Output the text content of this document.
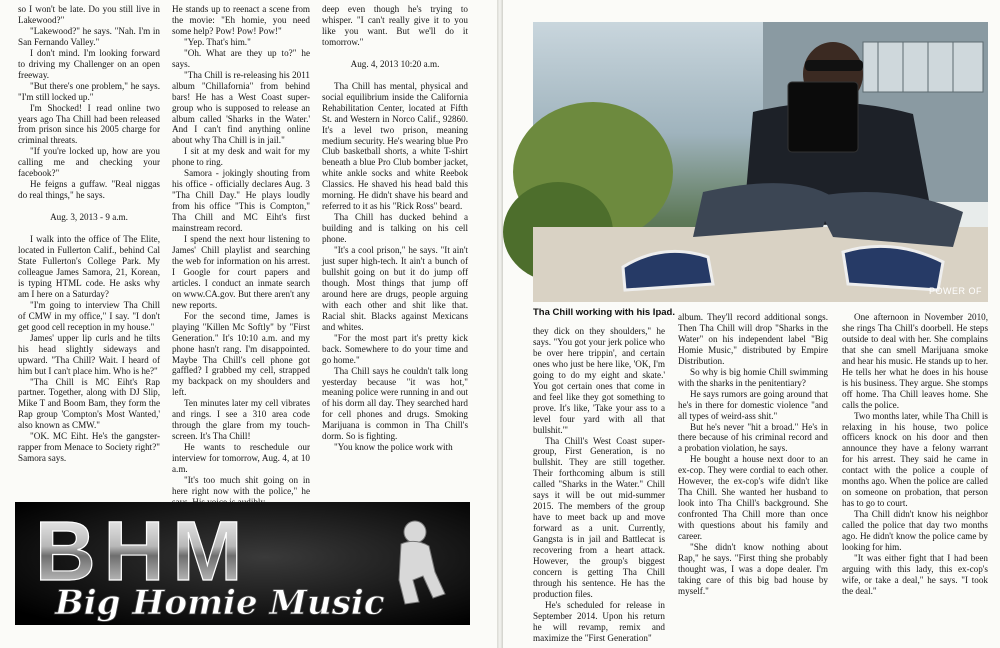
so I won't be late. Do you still live in Lakewood?"

"Lakewood?" he says. "Nah. I'm in San Fernando Valley."

I don't mind. I'm looking forward to driving my Challenger on an open freeway.

"But there's one problem," he says. "I'm still locked up."

I'm Shocked! I read online two years ago Tha Chill had been released from prison since his 2005 charge for criminal threats.

"If you're locked up, how are you calling me and checking your facebook?"

He feigns a guffaw. "Real niggas do real things," he says.

Aug. 3, 2013 - 9 a.m.

I walk into the office of The Elite, located in Fullerton Calif., behind Cal State Fullerton's College Park. My colleague James Samora, 21, Korean, is typing HTML code. He asks why am I here on a Saturday?

"I'm going to interview Tha Chill of CMW in my office," I say. "I don't get good cell reception in my house."

James' upper lip curls and he tilts his head slightly sideways and upward. "Tha Chill? Wait. I heard of him but I can't place him. Who is he?"

"Tha Chill is MC Eiht's Rap partner. Together, along with DJ Slip, Mike T and Boom Bam, they form the Rap group 'Compton's Most Wanted,' also known as CMW."

"OK. MC Eiht. He's the gangster-rapper from Menace to Society right?" Samora says.

He stands up to reenact a scene from the movie: "Eh homie, you need some help? Pow! Pow! Pow!"

"Yep. That's him."

"Oh. What are they up to?" he says.

"Tha Chill is re-releasing his 2011 album "Chillafornia" from behind bars! He has a West Coast super-group who is supposed to release an album called 'Sharks in the Water.' And I can't find anything online about why Tha Chill is in jail."

I sit at my desk and wait for my phone to ring.

Samora - jokingly shouting from his office - officially declares Aug. 3 "Tha Chill Day." He plays loudly from his office "This is Compton," Tha Chill and MC Eiht's first mainstream record.

I spend the next hour listening to James' Chill playlist and searching the web for information on his arrest. I Google for court papers and articles. I conduct an inmate search on www.CA.gov. But there aren't any new reports.

For the second time, James is playing "Killen Mc Softly" by "First Generation." It's 10:10 a.m. and my phone hasn't rang. I'm disappointed. Maybe Tha Chill's cell phone got gaffled? I grabbed my cell, strapped my backpack on my shoulders and left.

Ten minutes later my cell vibrates and rings. I see a 310 area code through the glare from my touch-screen. It's Tha Chill!

He wants to reschedule our interview for tomorrow, Aug. 4, at 10 a.m.

"It's too much shit going on in here right now with the police," he

deep even though he's trying to whisper. "I can't really give it to you like you want. But we'll do it tomorrow."

Aug. 4, 2013 10:20 a.m.

Tha Chill has mental, physical and social equilibrium inside the California Rehabilitation Center, located at Fifth St. and Western in Norco Calif., 92860. It's a level two prison, meaning medium security. He's wearing blue Pro Club basketball shorts, a white T-shirt beneath a blue Pro Club bomber jacket, white ankle socks and white Reebok Classics. He shaved his head bald this morning. He didn't shave his beard and referred to it as his "Rick Ross" beard.

Tha Chill has ducked behind a building and is talking on his cell phone.

"It's a cool prison," he says. "It ain't just super high-tech. It ain't a bunch of bullshit going on but it do jump off though. Most things that jump off around here are drugs, people arguing with each other and shit like that. Racial shit. Blacks against Mexicans and whites.

"For the most part it's pretty kick back. Somewhere to do your time and go home."

Tha Chill says he couldn't talk long yesterday because "it was hot," meaning police were running in and out of his dorm all day. They searched hard for cell phones and drugs. Smoking Marijuana is common in Tha Chill's dorm. So is fighting.

"You know the police work with

BHM
Big Homie Music
POWER OF
Tha Chill working with his Ipad.

they dick on they shoulders," he says. "You got your jerk police who be over here trippin', and certain ones who just be here like, 'OK, I'm going to do my eight and skate.' You got certain ones that come in and feel like they got something to prove. It's like, 'Take your ass to a level four yard with all that bullshit.'"

Tha Chill's West Coast super-group, First Generation, is no bullshit. They are still together. Their forthcoming album is still called "Sharks in the Water." Chill says it will be out mid-summer 2015. The members of the group have to meet back up and move forward as a unit. Currently, Gangsta is in jail and Battlecat is recovering from a heart attack. However, the group's biggest concern is getting Tha Chill through his sentence. He has the production files.

He's scheduled for release in September 2014. Upon his return he will revamp, remix and maximize the "First Generation"

album. They'll record additional songs. Then Tha Chill will drop "Sharks in the Water" on his independent label "Big Homie Music," distributed by Empire Distribution.

So why is big homie Chill swimming with the sharks in the penitentiary?

He says rumors are going around that he's in there for domestic violence "and all types of weird-ass shit."

But he's never "hit a broad." He's in there because of his criminal record and a probation violation, he says.

He bought a house next door to an ex-cop. They were cordial to each other. However, the ex-cop's wife didn't like Tha Chill. She wanted her husband to look into Tha Chill's background. She confronted Tha Chill more than once with questions about his family and career.

"She didn't know nothing about Rap," he says. "First thing she probably thought was, I was a dope dealer. I'm taking care of this big bad house by myself."

One afternoon in November 2010, she rings Tha Chill's doorbell. He steps outside to deal with her. She complains that she can smell Marijuana smoke and hear his music. He stands up to her. He tells her what he does in his house is his business. They argue. She stomps off home. Tha Chill leaves home. She calls the police.

Two months later, while Tha Chill is relaxing in his house, two police officers knock on his door and then announce they have a felony warrant for his arrest. They said he came in contact with the police a couple of months ago. When the police are called on someone on probation, that person has to go to court.

Tha Chill didn't know his neighbor called the police that day two months ago. He didn't know the police came by looking for him.

"It was either fight that I had been arguing with this lady, this ex-cop's wife, or take a deal," he says. "I took the deal."
